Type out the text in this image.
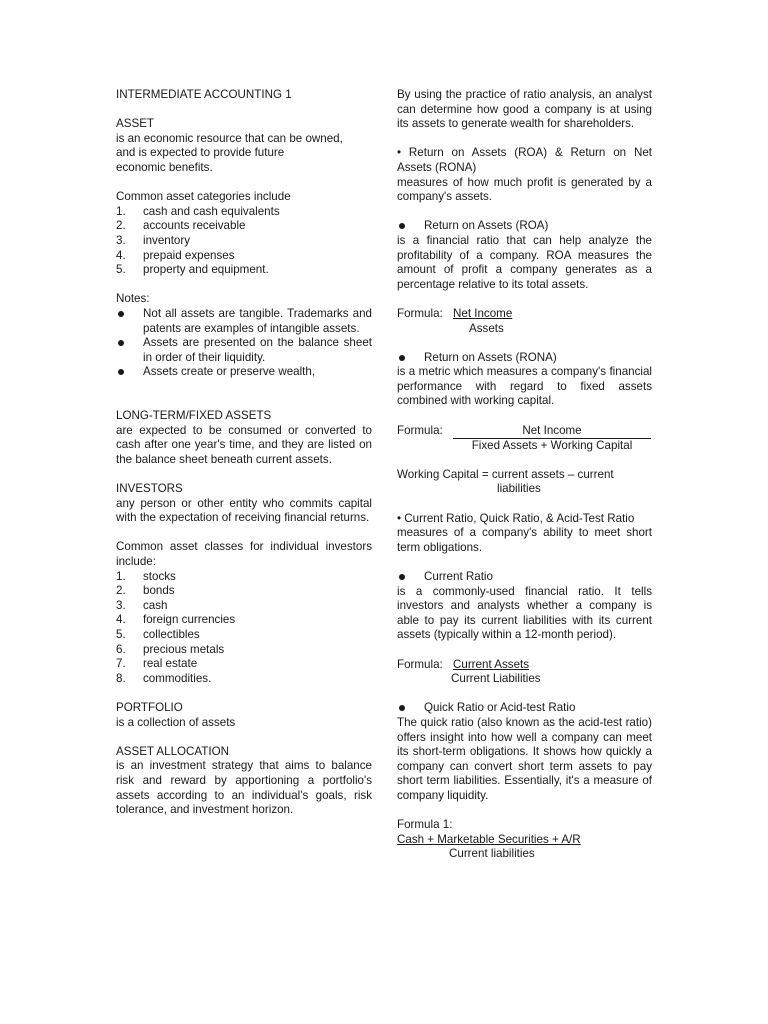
INTERMEDIATE ACCOUNTING 1

ASSET

is an economic resource that can be owned,

and is expected to provide future

economic benefits.

Common asset categories include

1. cash and cash equivalents
2. accounts receivable
3. inventory
4. prepaid expenses
5. property and equipment.

Notes:

Not all assets are tangible. Trademarks and patents are examples of intangible assets.
Assets are presented on the balance sheet in order of their liquidity.
Assets create or preserve wealth,

LONG-TERM/FIXED ASSETS

are expected to be consumed or converted to cash after one year's time, and they are listed on the balance sheet beneath current assets.

INVESTORS

any person or other entity who commits capital with the expectation of receiving financial returns.

Common asset classes for individual investors include:

1. stocks
2. bonds
3. cash
4. foreign currencies
5. collectibles
6. precious metals
7. real estate
8. commodities.

PORTFOLIO

is a collection of assets

ASSET ALLOCATION

is an investment strategy that aims to balance risk and reward by apportioning a portfolio's assets according to an individual's goals, risk tolerance, and investment horizon.

By using the practice of ratio analysis, an analyst can determine how good a company is at using its assets to generate wealth for shareholders.

• Return on Assets (ROA) & Return on Net Assets (RONA)

measures of how much profit is generated by a company's assets.

Return on Assets (ROA)

is a financial ratio that can help analyze the profitability of a company. ROA measures the amount of profit a company generates as a percentage relative to its total assets.

Formula: Net Income

Assets

Return on Assets (RONA)

is a metric which measures a company's financial performance with regard to fixed assets combined with working capital.

Formula: $\frac{\text{Net Income}}{\text{Fixed Assets + Working Capital}}$

Working Capital = current assets – current

liabilities

• Current Ratio, Quick Ratio, & Acid-Test Ratio

measures of a company's ability to meet short term obligations.

Current Ratio

is a commonly-used financial ratio. It tells investors and analysts whether a company is able to pay its current liabilities with its current assets (typically within a 12-month period).

Formula: Current Assets

Current Liabilities

Quick Ratio or Acid-test Ratio

The quick ratio (also known as the acid-test ratio) offers insight into how well a company can meet its short-term obligations. It shows how quickly a company can convert short term assets to pay short term liabilities. Essentially, it's a measure of company liquidity.

Formula 1:

Cash + Marketable Securities + A/R

Current liabilities
